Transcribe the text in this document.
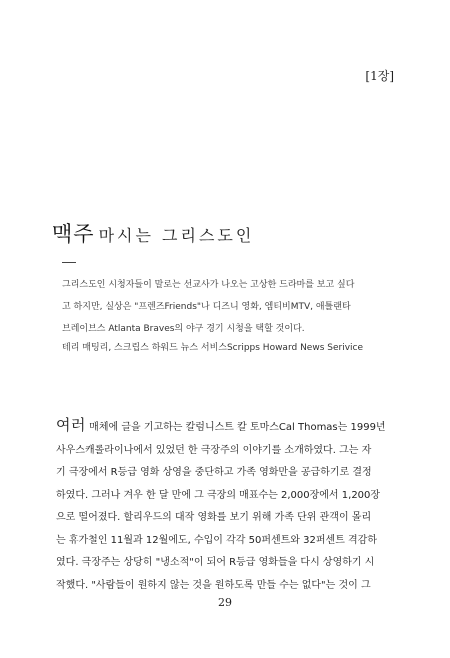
[1장]
맥주 마시는 그리스도인
그리스도인 시청자들이 말로는 선교사가 나오는 고상한 드라마를 보고 싶다
고 하지만, 실상은 "프렌즈Friends"나 디즈니 영화, 엠티비MTV, 애틀랜타
브레이브스 Atlanta Braves의 야구 경기 시청을 택할 것이다.
테리 매팅리, 스크립스 하워드 뉴스 서비스Scripps Howard News Serivice
여러 매체에 글을 기고하는 칼럼니스트 칼 토마스Cal Thomas는 1999년
사우스캐롤라이나에서 있었던 한 극장주의 이야기를 소개하였다. 그는 자
기 극장에서 R등급 영화 상영을 중단하고 가족 영화만을 공급하기로 결정
하였다. 그러나 겨우 한 달 만에 그 극장의 매표수는 2,000장에서 1,200장
으로 떨어졌다. 할리우드의 대작 영화를 보기 위해 가족 단위 관객이 몰리
는 휴가철인 11월과 12월에도, 수입이 각각 50퍼센트와 32퍼센트 격감하
였다. 극장주는 상당히 "냉소적"이 되어 R등급 영화들을 다시 상영하기 시
작했다. "사람들이 원하지 않는 것을 원하도록 만들 수는 없다"는 것이 그
29
